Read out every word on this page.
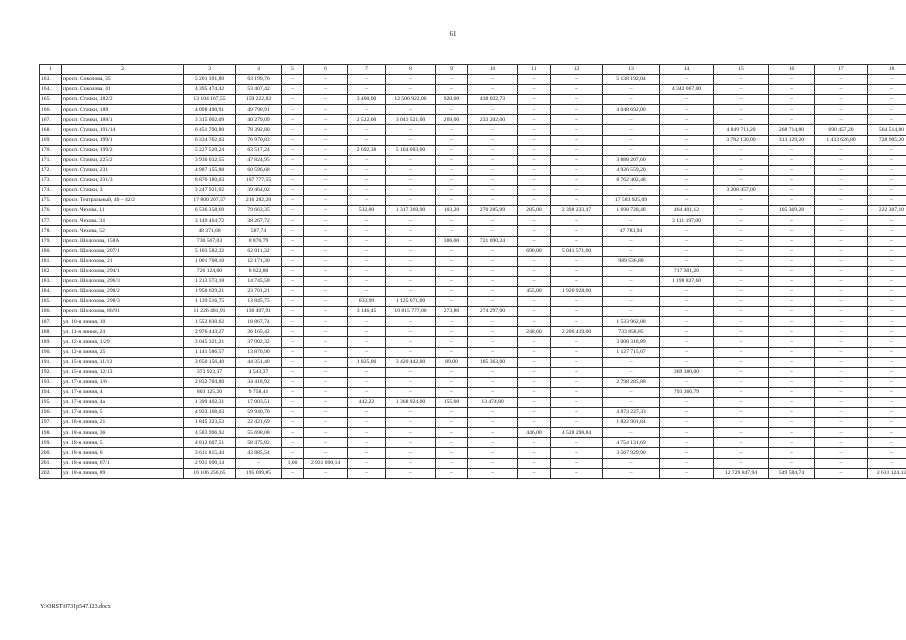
61
1	2	3	4	5	6	7	8	9	10	11	12	13	14	15	16	17	18
163.	просп. Соколова, 35	5 201 391,80	63 199,76	–	–	–	–	–	–	–	–	5 138 192,04	–	–	–	–	–
164.	просп. Соколова, 41	4 395 474,42	53 407,42	–	–	–	–	–	–	–	–	–	4 342 067,00	–	–	–	–
165.	просп. Стачки, 182/2	13 104 167,55	159 222,82	–	–	3 400,00	12 506 922,00	920,00	438 022,73	–	–	–	–	–	–	–	–
166.	просп. Стачки, 188	4 098 490,91	49 798,91	–	–	–	–	–	–	–	–	4 048 692,00	–	–	–	–	–
167.	просп. Стачки, 188/1	3 315 002,09	40 279,09	–	–	2 522,00	3 041 521,00	269,00	233 202,00	–	–	–	–	–	–	–	–
168.	просп. Стачки, 191/14	6 451 790,80	78 392,80	–	–	–	–	–	–	–	–	–	–	4 849 711,20	268 714,80	690 457,20	564 514,80
169.	просп. Стачки, 199/1	6 334 762,03	76 970,83	–	–	–	–	–	–	–	–	–	–	3 782 130,00	313 129,20	1 433 626,80	728 905,20
170.	просп. Стачки, 199/2	5 227 520,24	63 517,24	–	–	2 692,38	5 164 003,00	–	–	–	–	–	–	–	–	–	–
171.	просп. Стачки, 225/2	3 936 032,55	47 824,95	–	–	–	–	–	–	–	–	3 888 207,60	–	–	–	–	–
172.	просп. Стачки, 231	4 987 155,88	60 596,68	–	–	–	–	–	–	–	–	4 926 559,20	–	–	–	–	–
173.	просп. Стачки, 231/3	8 870 180,03	107 777,55	–	–	–	–	–	–	–	–	8 762 402,48	–	–	–	–	–
174.	просп. Стачки, 3	3 247 921,02	39 464,02	–	–	–	–	–	–	–	–	–	–	3 208 457,00	–	–	–
175.	просп. Театральный, 40 – 42/2	17 800 207,37	216 282,28	–	–	–	–	–	–	–	–	17 583 925,09	–	–	–	–	–
176.	просп. Чехова, 11	6 536 358,69	79 663,35	–	–	532,00	1 317 369,90	103,20	270 285,99	285,00	2 398 233,47	1 698 728,48	464 401,12	–	105 369,28	–	222 307,10
177.	просп. Чехова, 34	3 149 464,72	38 267,72	–	–	–	–	–	–	–	–	–	3 111 197,00	–	–	–	–
178.	просп. Чехова, 52	48 371,68	587,74	–	–	–	–	–	–	–	–	47 783,94	–	–	–	–	–
179.	просп. Шолохова, 158А	730 567,03	8 876,79	–	–	–	–	386,00	721 690,24	–	–	–	–	–	–	–	–
180.	просп. Шолохова, 207/1	5 103 582,32	62 011,32	–	–	–	–	–	–	690,00	5 041 571,00	–	–	–	–	–	–
181.	просп. Шолохова, 21	1 001 708,10	12 171,30	–	–	–	–	–	–	–	–	989 536,80	–	–	–	–	–
182.	просп. Шолохова, 294/1	726 124,00	8 822,80	–	–	–	–	–	–	–	–	–	717 301,20	–	–	–	–
183.	просп. Шолохова, 296/3	1 213 573,18	14 745,58	–	–	–	–	–	–	–	–	–	1 198 827,60	–	–	–	–
184.	просп. Шолохова, 298/2	1 950 629,21	23 701,21	–	–	–	–	–	–	455,00	1 926 928,00	–	–	–	–	–	–
185.	просп. Шолохова, 298/3	1 139 516,75	13 845,75	–	–	633,99	1 125 671,00	–	–	–	–	–	–	–	–	–	–
186.	просп. Шолохова, 86/91	11 226 481,91	136 407,91	–	–	3 146,45	10 815 777,00	273,86	274 297,00	–	–	–	–	–	–	–	–
187.	ул. 10-я линия, 10	1 552 830,62	18 867,74	–	–	–	–	–	–	–	–	1 533 962,88	–	–	–	–	–
188.	ул. 11-я линия, 24	2 976 443,27	36 165,42	–	–	–	–	–	–	248,60	2 206 419,00	733 858,85	–	–	–	–	–
189.	ул. 12-я линия, 1/29	3 045 321,21	37 002,32	–	–	–	–	–	–	–	–	3 008 318,89	–	–	–	–	–
190.	ул. 12-я линия, 25	1 141 586,57	13 870,90	–	–	–	–	–	–	–	–	1 127 715,67	–	–	–	–	–
191.	ул. 15-я линия, 11/13	3 650 156,40	44 351,40	–	–	1 825,00	3 420 442,00	89,00	185 363,00	–	–	–	–	–	–	–	–
192.	ул. 15-я линия, 12/13	373 923,37	4 543,37	–	–	–	–	–	–	–	–	–	369 380,00	–	–	–	–
193.	ул. 17-я линия, 1/6	2 832 704,80	34 418,92	–	–	–	–	–	–	–	–	2 798 285,88	–	–	–	–	–
194.	ул. 17-я линия, 4	803 125,20	9 758,41	–	–	–	–	–	–	–	–	–	793 366,79	–	–	–	–
195.	ул. 17-я линия, 4а	1 399 402,31	17 003,51	–	–	442,22	1 368 924,00	155,00	13 474,80	–	–	–	–	–	–	–	–
196.	ул. 17-я линия, 5	4 933 168,03	59 940,70	–	–	–	–	–	–	–	–	4 873 227,33	–	–	–	–	–
197.	ул. 18-я линия, 21	1 845 323,53	22 421,69	–	–	–	–	–	–	–	–	1 822 901,84	–	–	–	–	–
198.	ул. 18-я линия, 36	4 583 996,92	55 698,08	–	–	–	–	–	–	446,00	4 528 298,84	–	–	–	–	–	–
199.	ул. 18-я линия, 5	4 812 607,51	58 475,82	–	–	–	–	–	–	–	–	4 754 131,69	–	–	–	–	–
200.	ул. 18-я линия, 6	3 611 815,44	43 885,54	–	–	–	–	–	–	–	–	3 567 929,90	–	–	–	–	–
201.	ул. 18-я линия, 67/1	2 931 090,14	–	1,00	2 931 090,14	–	–	–	–	–	–	–	–	–	–	–	–
202.	ул. 18-я линия, 89	16 106 256,65	195 699,85	–	–	–	–	–	–	–	–	–	–	12 729 847,94	549 584,74	–	2 631 124,12
Y:\ORST\0731p547.f23.docx
